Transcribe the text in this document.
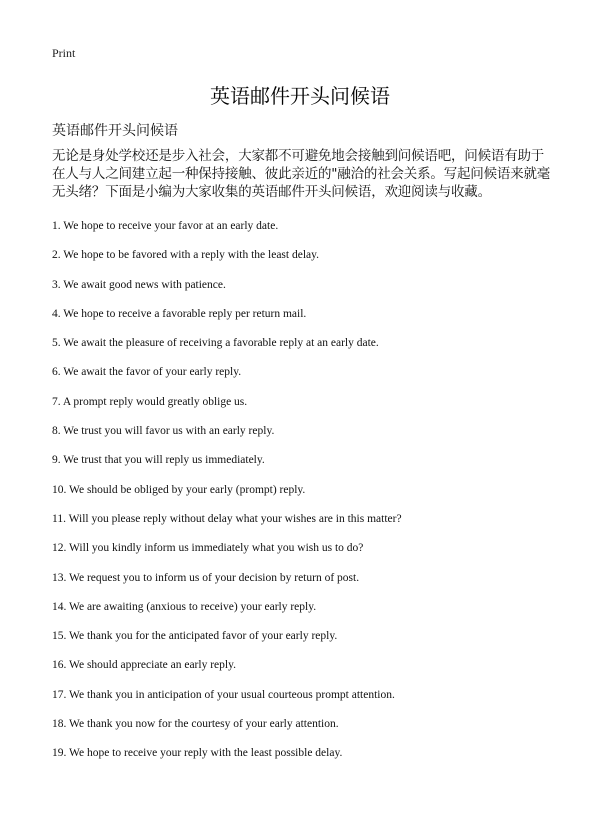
Print
英语邮件开头问候语

英语邮件开头问候语

无论是身处学校还是步入社会，大家都不可避免地会接触到问候语吧，问候语有助于在人与人之间建立起一种保持接触、彼此亲近的"融洽的社会关系。写起问候语来就毫无头绪？下面是小编为大家收集的英语邮件开头问候语，欢迎阅读与收藏。

1. We hope to receive your favor at an early date.
2. We hope to be favored with a reply with the least delay.
3. We await good news with patience.
4. We hope to receive a favorable reply per return mail.
5. We await the pleasure of receiving a favorable reply at an early date.
6. We await the favor of your early reply.
7. A prompt reply would greatly oblige us.
8. We trust you will favor us with an early reply.
9. We trust that you will reply us immediately.
10. We should be obliged by your early (prompt) reply.
11. Will you please reply without delay what your wishes are in this matter?
12. Will you kindly inform us immediately what you wish us to do?
13. We request you to inform us of your decision by return of post.
14. We are awaiting (anxious to receive) your early reply.
15. We thank you for the anticipated favor of your early reply.
16. We should appreciate an early reply.
17. We thank you in anticipation of your usual courteous prompt attention.
18. We thank you now for the courtesy of your early attention.
19. We hope to receive your reply with the least possible delay.
